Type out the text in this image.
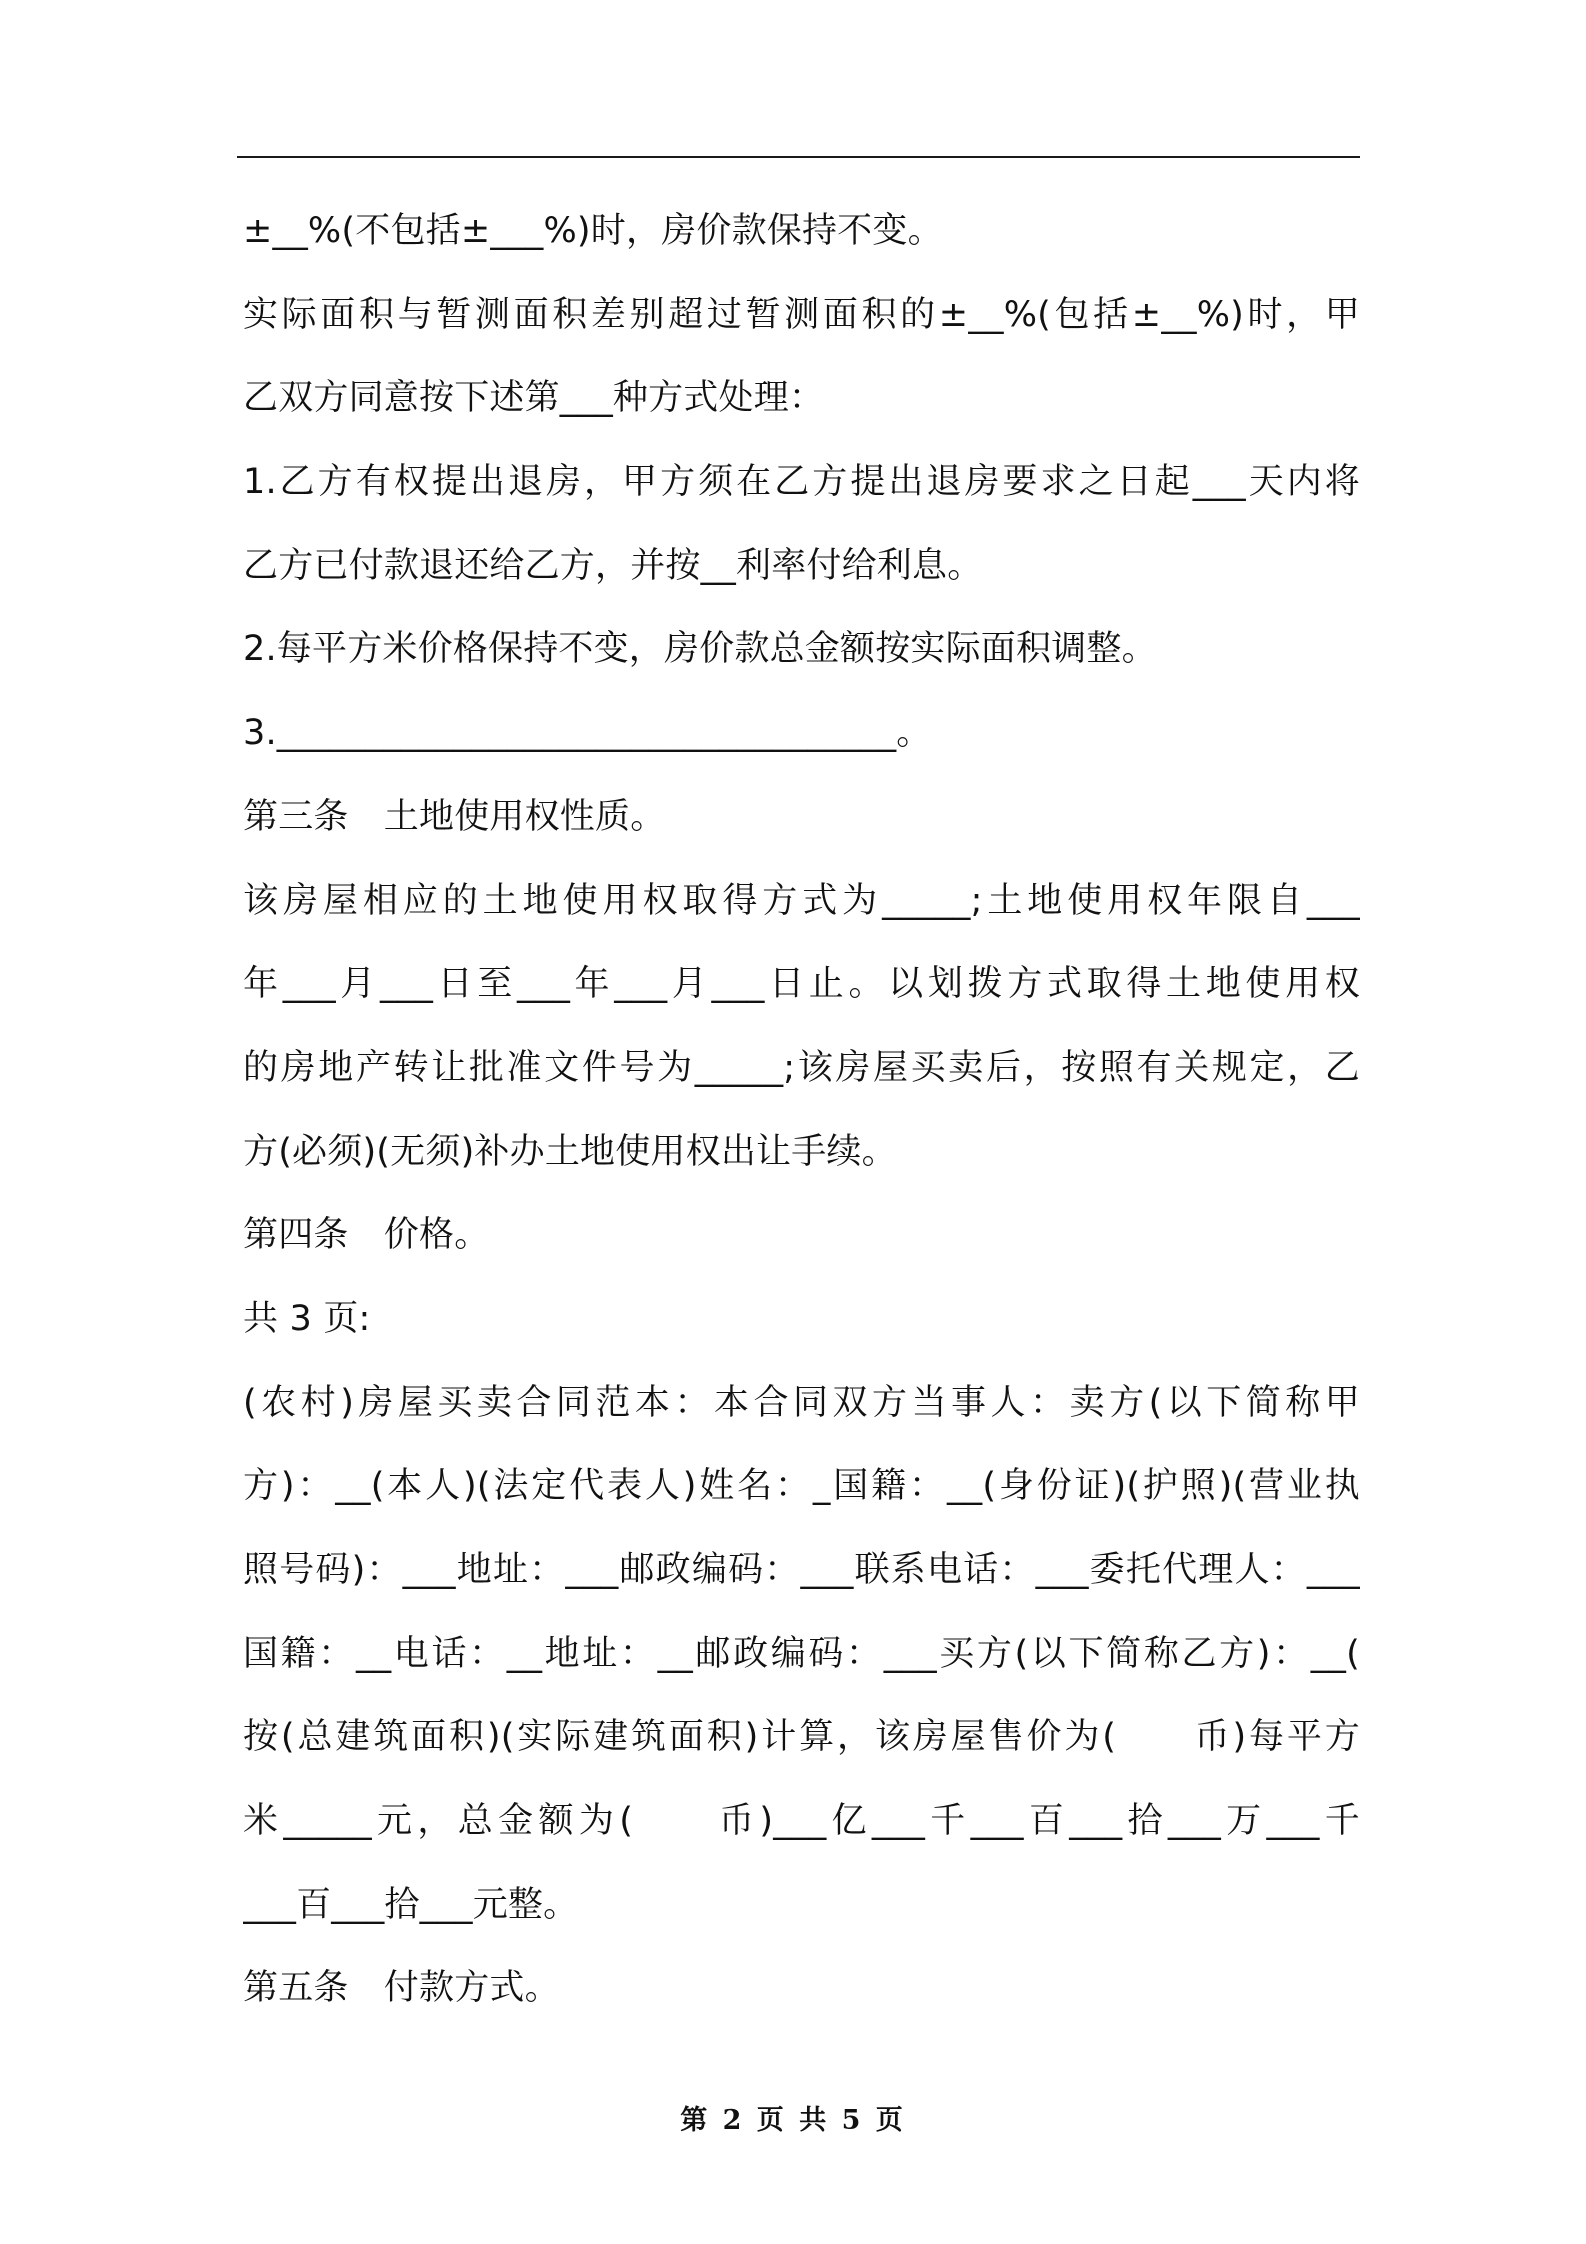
±__%(不包括±___%)时，房价款保持不变。
实际面积与暂测面积差别超过暂测面积的±__%(包括±__%)时，甲
乙双方同意按下述第___种方式处理：
1.乙方有权提出退房，甲方须在乙方提出退房要求之日起___天内将
乙方已付款退还给乙方，并按__利率付给利息。
2.每平方米价格保持不变，房价款总金额按实际面积调整。
3.___________________________________。
第三条　土地使用权性质。
该房屋相应的土地使用权取得方式为_____;土地使用权年限自___
年___月___日至___年___月___日止。以划拨方式取得土地使用权
的房地产转让批准文件号为_____;该房屋买卖后，按照有关规定，乙
方(必须)(无须)补办土地使用权出让手续。
第四条　价格。
共 3 页:
(农村)房屋买卖合同范本：本合同双方当事人：卖方(以下简称甲
方)：__(本人)(法定代表人)姓名：_国籍：__(身份证)(护照)(营业执
照号码)：___地址：___邮政编码：___联系电话：___委托代理人：___
国籍：__电话：__地址：__邮政编码：___买方(以下简称乙方)：__(
按(总建筑面积)(实际建筑面积)计算，该房屋售价为(　　币)每平方
米_____元，总金额为(　　币)___亿___千___百___拾___万___千
___百___拾___元整。
第五条　付款方式。
第 2 页 共 5 页
